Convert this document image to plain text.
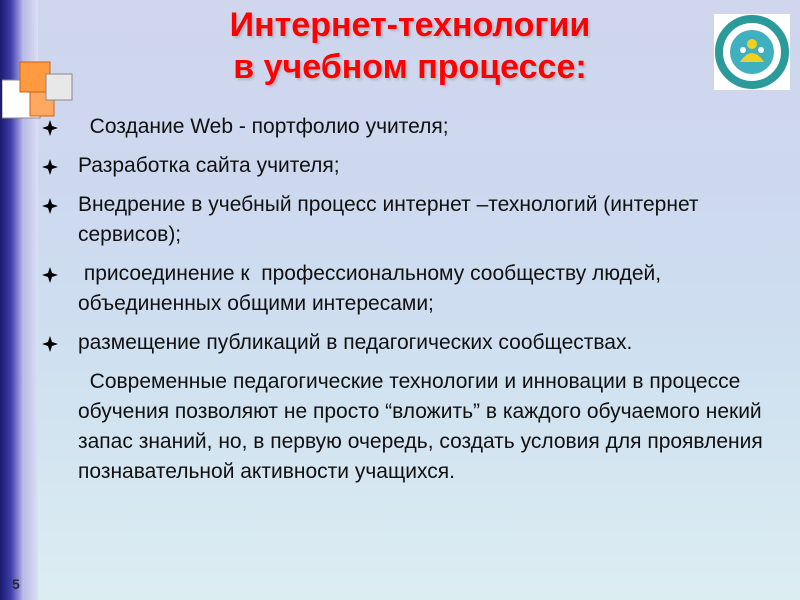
Интернет-технологии
в учебном процессе:
Создание Web - портфолио учителя;
Разработка сайта учителя;
Внедрение в учебный процесс интернет –технологий (интернет сервисов);
присоединение к  профессиональному сообществу людей, объединенных общими интересами;
размещение публикаций в педагогических сообществах.
Современные педагогические технологии и инновации в процессе обучения позволяют не просто “вложить” в каждого обучаемого некий запас знаний, но, в первую очередь, создать условия для проявления познавательной активности учащихся.
5
